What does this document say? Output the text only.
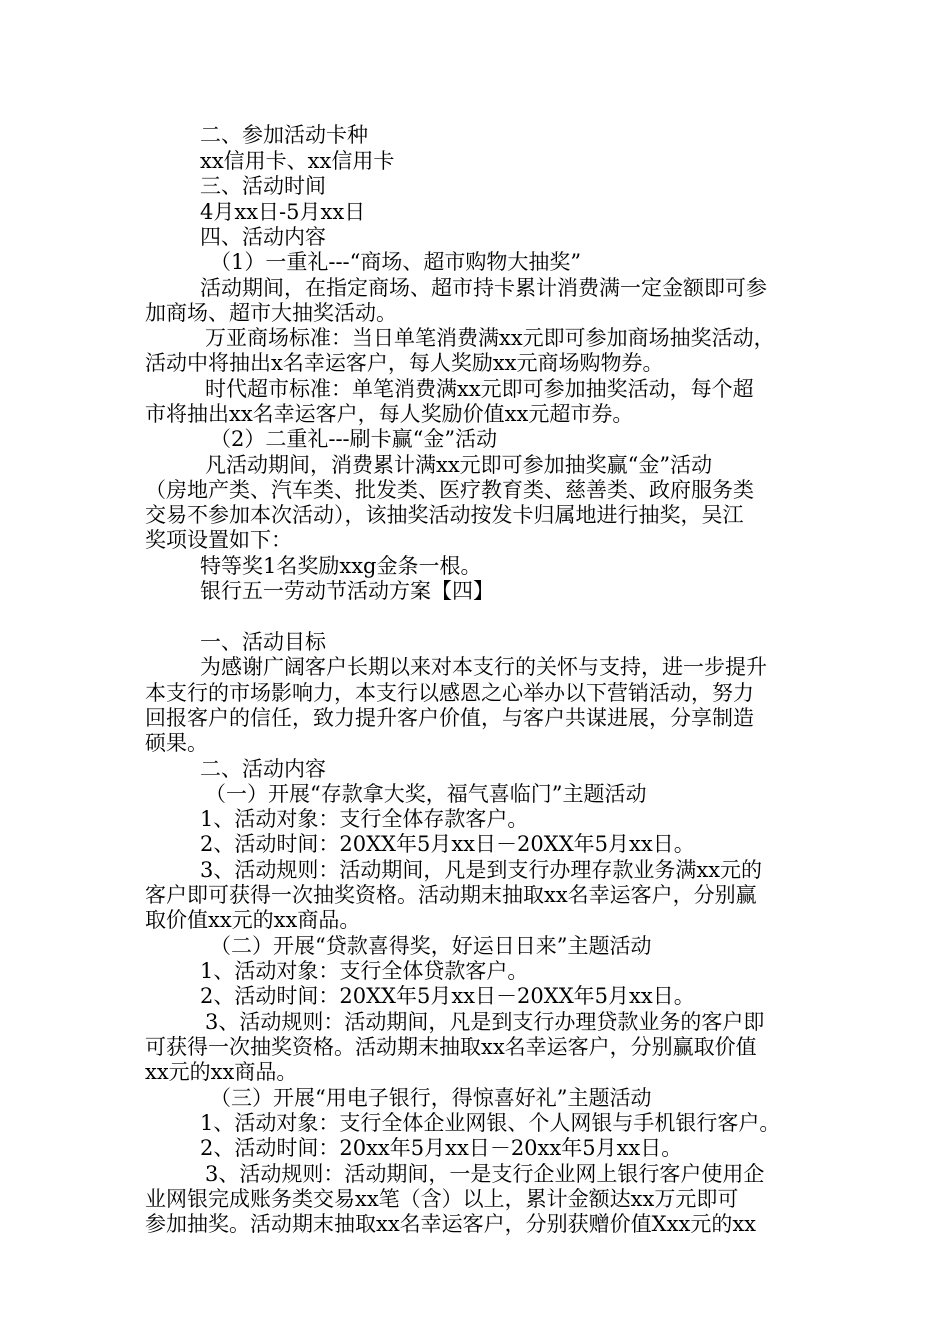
二、参加活动卡种
xx信用卡、xx信用卡
三、活动时间
4月xx日-5月xx日
四、活动内容
（1）一重礼---“商场、超市购物大抽奖”
活动期间，在指定商场、超市持卡累计消费满一定金额即可参
加商场、超市大抽奖活动。
万亚商场标准：当日单笔消费满xx元即可参加商场抽奖活动，
活动中将抽出x名幸运客户，每人奖励xx元商场购物券。
时代超市标准：单笔消费满xx元即可参加抽奖活动，每个超
市将抽出xx名幸运客户，每人奖励价值xx元超市券。
（2）二重礼---刷卡赢“金”活动
凡活动期间，消费累计满xx元即可参加抽奖赢“金”活动
（房地产类、汽车类、批发类、医疗教育类、慈善类、政府服务类
交易不参加本次活动），该抽奖活动按发卡归属地进行抽奖，吴江
奖项设置如下：
特等奖1名奖励xxg金条一根。
银行五一劳动节活动方案【四】
一、活动目标
为感谢广阔客户长期以来对本支行的关怀与支持，进一步提升
本支行的市场影响力，本支行以感恩之心举办以下营销活动，努力
回报客户的信任，致力提升客户价值，与客户共谋进展，分享制造
硕果。
二、活动内容
（一）开展“存款拿大奖，福气喜临门”主题活动
1、活动对象：支行全体存款客户。
2、活动时间：20XX年5月xx日－20XX年5月xx日。
3、活动规则：活动期间，凡是到支行办理存款业务满xx元的
客户即可获得一次抽奖资格。活动期末抽取xx名幸运客户，分别赢
取价值xx元的xx商品。
（二）开展“贷款喜得奖，好运日日来”主题活动
1、活动对象：支行全体贷款客户。
2、活动时间：20XX年5月xx日－20XX年5月xx日。
3、活动规则：活动期间，凡是到支行办理贷款业务的客户即
可获得一次抽奖资格。活动期末抽取xx名幸运客户，分别赢取价值
xx元的xx商品。
（三）开展“用电子银行，得惊喜好礼”主题活动
1、活动对象：支行全体企业网银、个人网银与手机银行客户。
2、活动时间：20xx年5月xx日－20xx年5月xx日。
3、活动规则：活动期间，一是支行企业网上银行客户使用企
业网银完成账务类交易xx笔（含）以上，累计金额达xx万元即可
参加抽奖。活动期末抽取xx名幸运客户，分别获赠价值Xxx元的xx
